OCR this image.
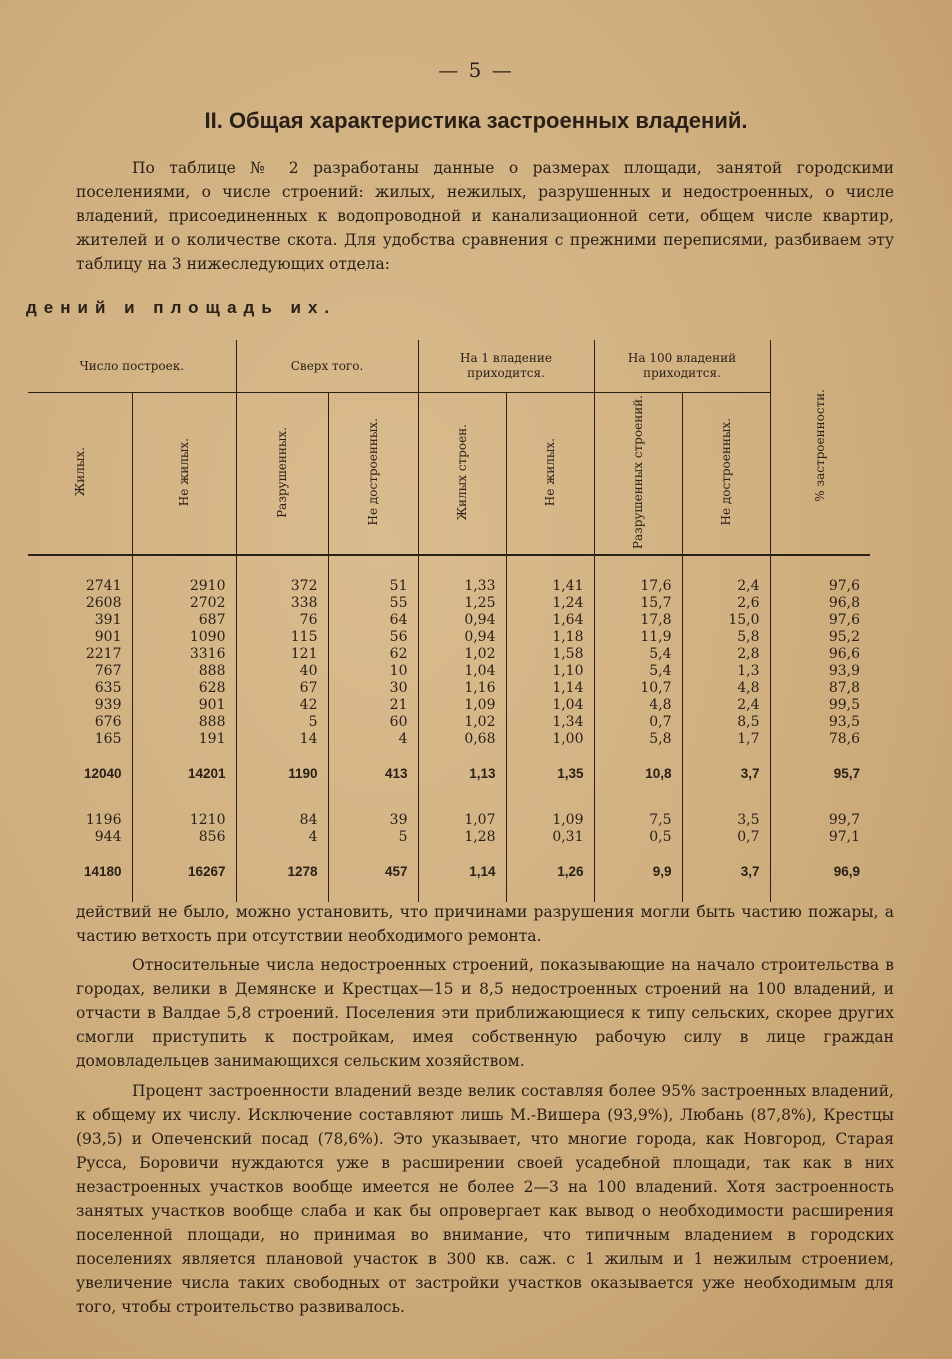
— 5 —
II. Общая характеристика застроенных владений.

По таблице № 2 разработаны данные о размерах площади, занятой городскими поселениями, о числе строений: жилых, нежилых, разрушенных и недостроенных, о числе владений, присоединенных к водопроводной и канализационной сети, общем числе квартир, жителей и о количестве скота. Для удобства сравнения с прежними переписями, разбиваем эту таблицу на 3 нижеследующих отдела:

дений и площадь их.
Число построек.		Сверх того.		На 1 владение приходится.		На 100 владений приходится.		% застроенности.
Жилых.	Не жилых.	Разрушенных.	Не достроенных.	Жилых строен.	Не жилых.	Разрушенных строений.	Не достроенных.	

2741	2910	372	51	1,33	1,41	17,6	2,4	97,6
2608	2702	338	55	1,25	1,24	15,7	2,6	96,8
391	687	76	64	0,94	1,64	17,8	15,0	97,6
901	1090	115	56	0,94	1,18	11,9	5,8	95,2
2217	3316	121	62	1,02	1,58	5,4	2,8	96,6
767	888	40	10	1,04	1,10	5,4	1,3	93,9
635	628	67	30	1,16	1,14	10,7	4,8	87,8
939	901	42	21	1,09	1,04	4,8	2,4	99,5
676	888	5	60	1,02	1,34	0,7	8,5	93,5
165	191	14	4	0,68	1,00	5,8	1,7	78,6

12040	14201	1190	413	1,13	1,35	10,8	3,7	95,7

1196	1210	84	39	1,07	1,09	7,5	3,5	99,7
944	856	4	5	1,28	0,31	0,5	0,7	97,1

14180	16267	1278	457	1,14	1,26	9,9	3,7	96,9

действий не было, можно установить, что причинами разрушения могли быть частию пожары, а частию ветхость при отсутствии необходимого ремонта.

Относительные числа недостроенных строений, показывающие на начало строительства в городах, велики в Демянске и Крестцах—15 и 8,5 недостроенных строений на 100 владений, и отчасти в Валдае 5,8 строений. Поселения эти приближающиеся к типу сельских, скорее других смогли приступить к постройкам, имея собственную рабочую силу в лице граждан домовладельцев занимающихся сельским хозяйством.

Процент застроенности владений везде велик составляя более 95% застроенных владений, к общему их числу. Исключение составляют лишь М.-Вишера (93,9%), Любань (87,8%), Крестцы (93,5) и Опеченский посад (78,6%). Это указывает, что многие города, как Новгород, Старая Русса, Боровичи нуждаются уже в расширении своей усадебной площади, так как в них незастроенных участков вообще имеется не более 2—3 на 100 владений. Хотя застроенность занятых участков вообще слаба и как бы опровергает как вывод о необходимости расширения поселенной площади, но принимая во внимание, что типичным владением в городских поселениях является плановой участок в 300 кв. саж. с 1 жилым и 1 нежилым строением, увеличение числа таких свободных от застройки участков оказывается уже необходимым для того, чтобы строительство развивалось.
